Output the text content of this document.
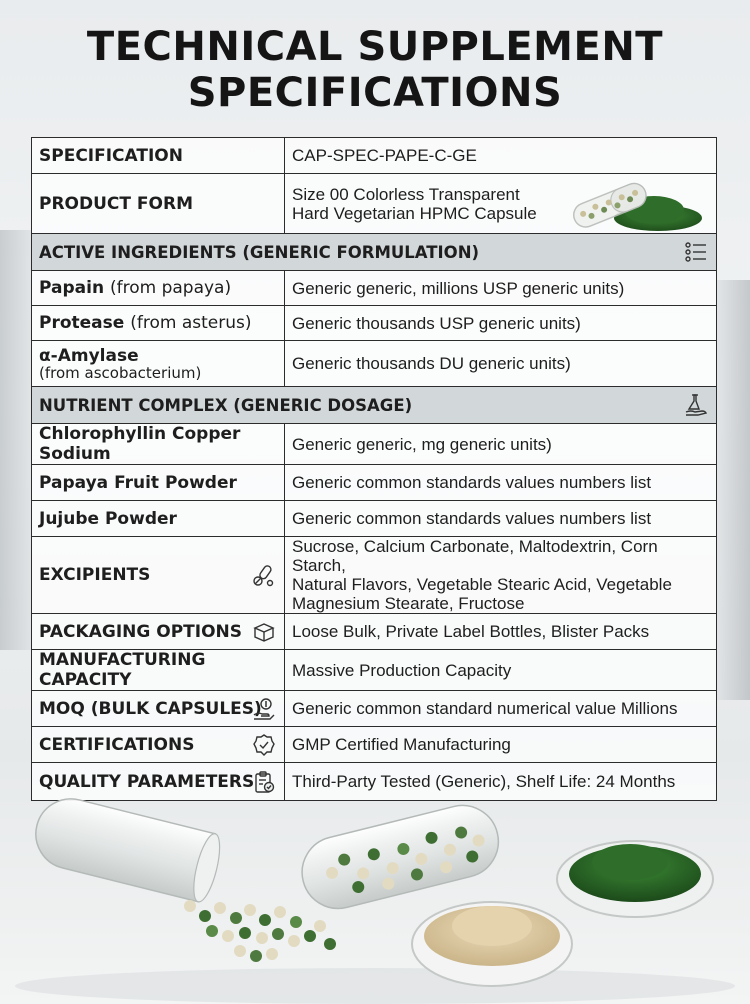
TECHNICAL SUPPLEMENT
SPECIFICATIONS
SPECIFICATION	CAP-SPEC-PAPE-C-GE
PRODUCT FORM	Size 00 Colorless Transparent
Hard Vegetarian HPMC Capsule

ACTIVE INGREDIENTS (GENERIC FORMULATION)	

Papain (from papaya)	Generic generic, millions USP generic units)
Protease (from asterus)	Generic thousands USP generic units)
α-Amylase
(from ascobacterium)	Generic thousands DU generic units)
NUTRIENT COMPLEX (GENERIC DOSAGE)	

Chlorophyllin Copper Sodium	Generic generic, mg generic units)
Papaya Fruit Powder	Generic common standards values numbers list
Jujube Powder	Generic common standards values numbers list
EXCIPIENTS	Sucrose, Calcium Carbonate, Maltodextrin, Corn Starch,
Natural Flavors, Vegetable Stearic Acid, Vegetable
Magnesium Stearate, Fructose
PACKAGING OPTIONS	Loose Bulk, Private Label Bottles, Blister Packs
MANUFACTURING CAPACITY	Massive Production Capacity
MOQ (BULK CAPSULES)	Generic common standard numerical value Millions
CERTIFICATIONS	GMP Certified Manufacturing
QUALITY PARAMETERS	Third-Party Tested (Generic), Shelf Life: 24 Months
